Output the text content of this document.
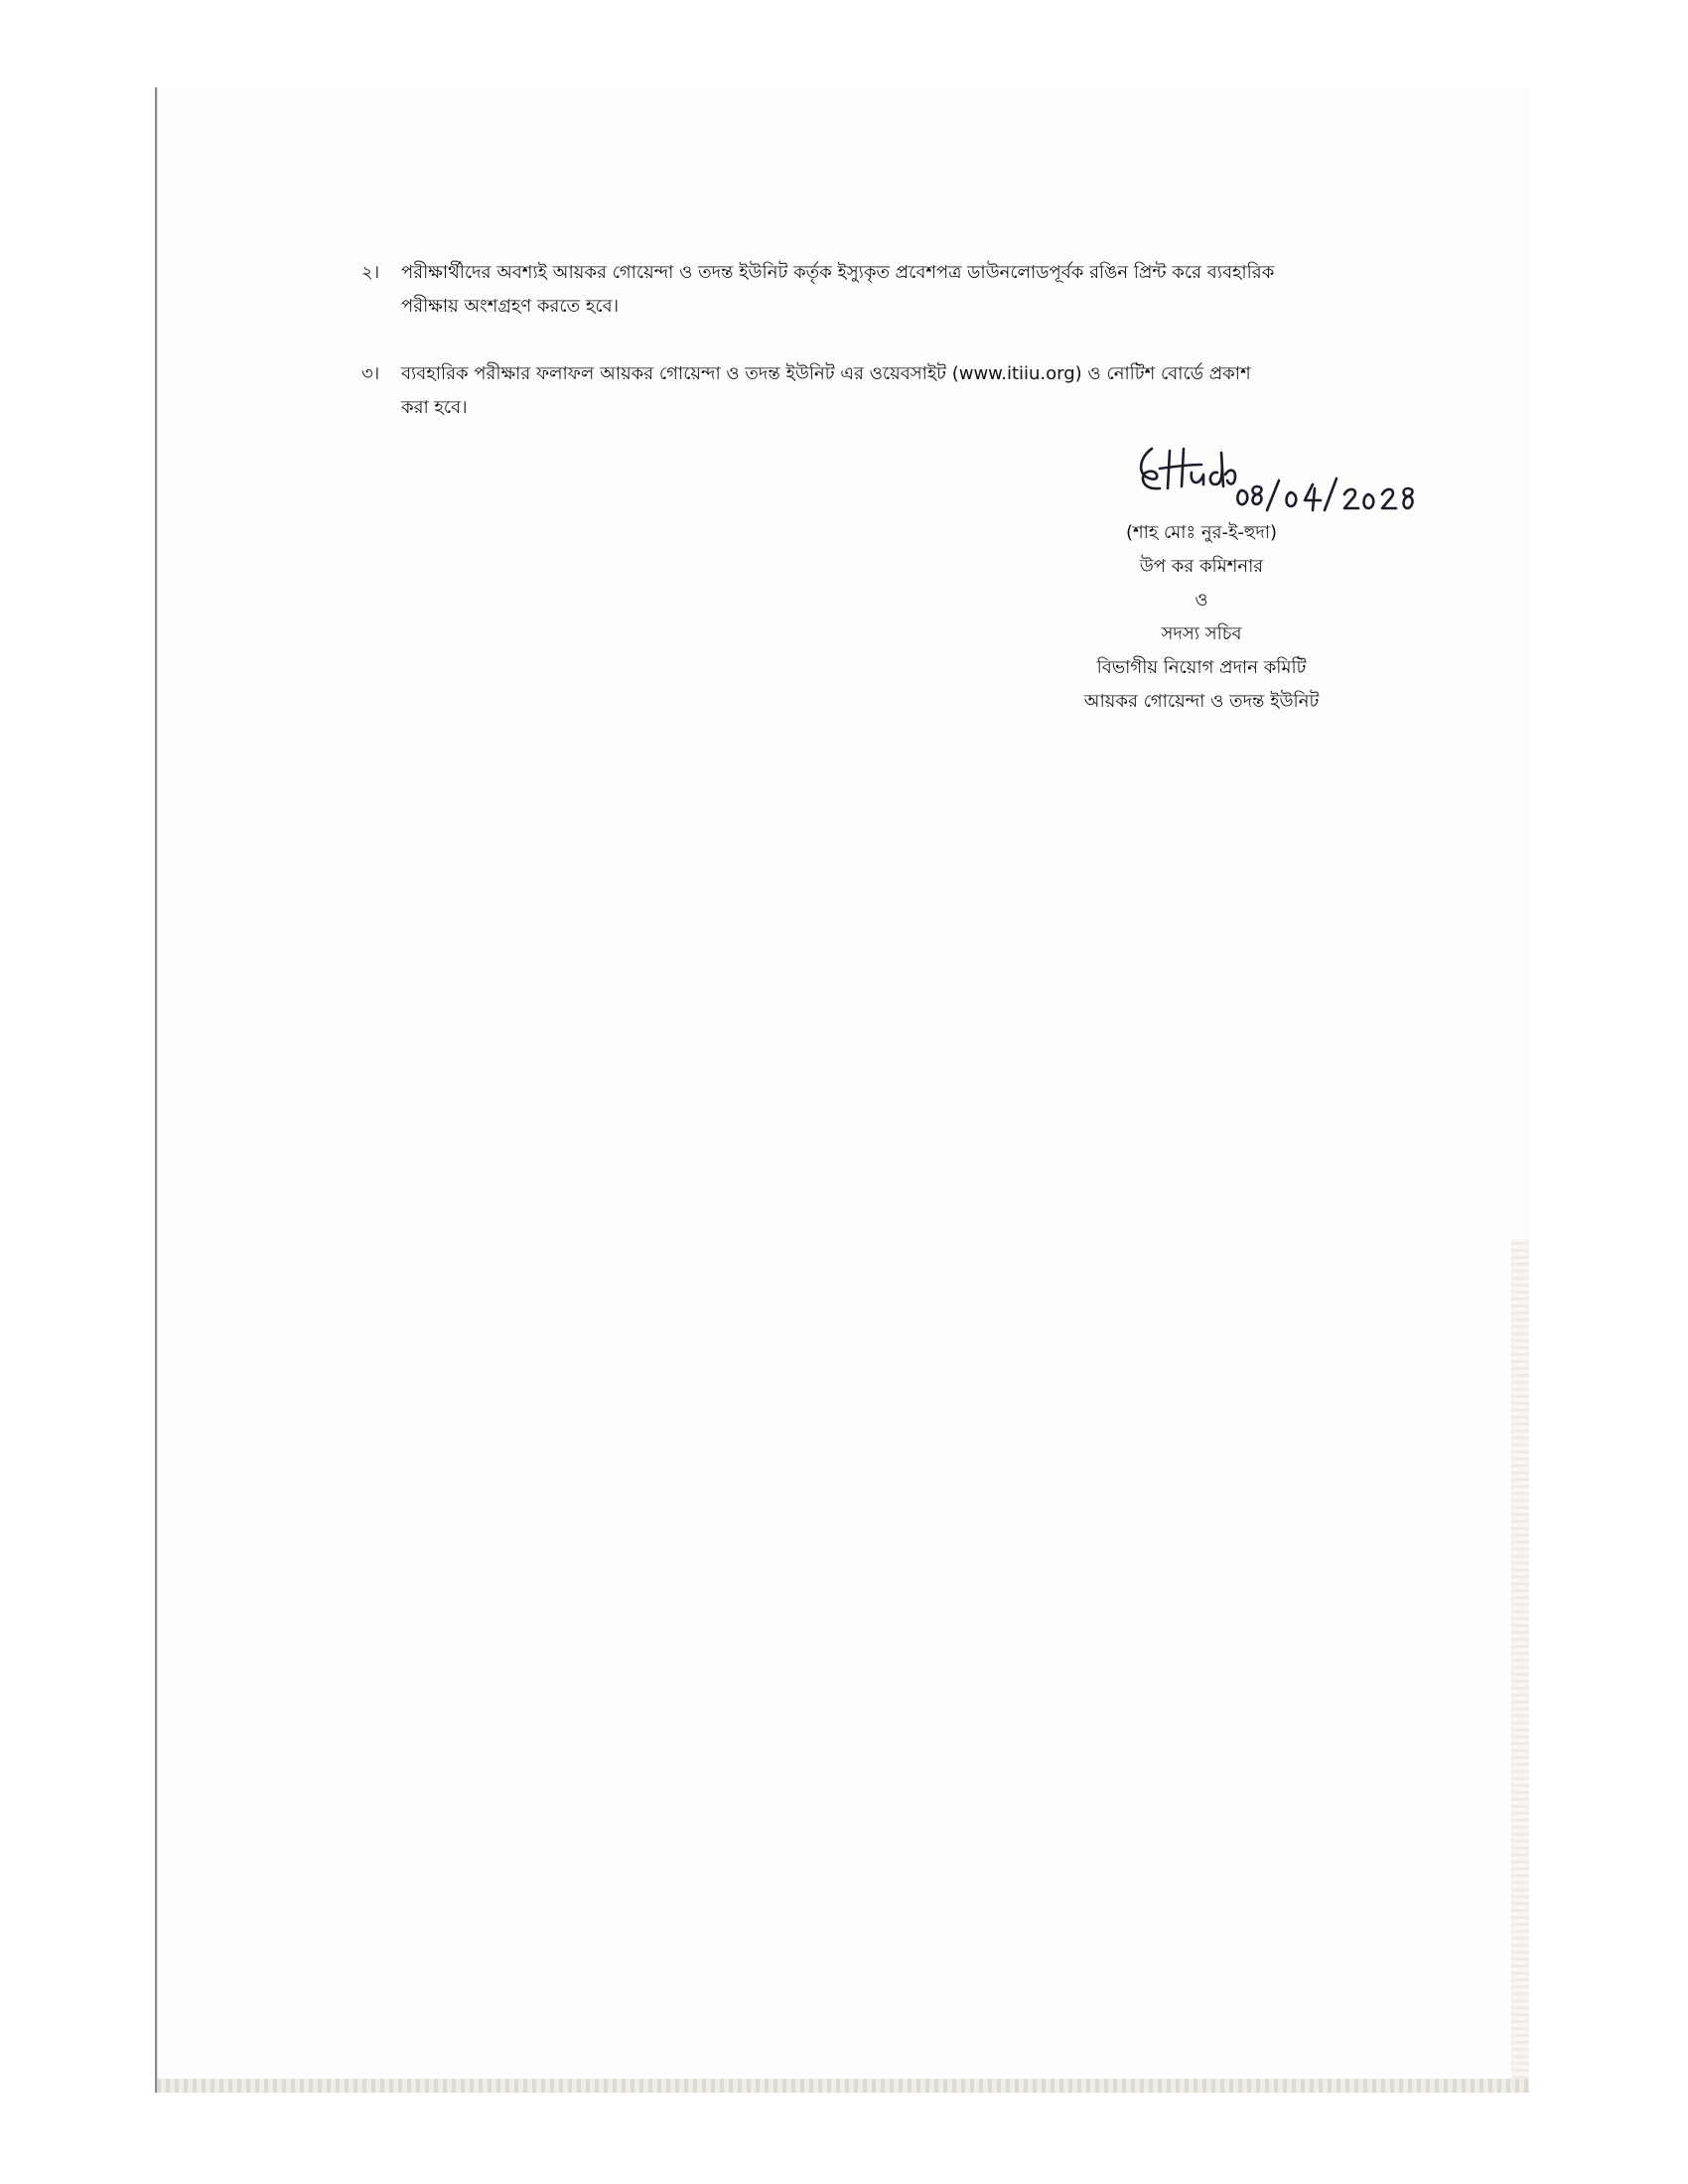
২।	পরীক্ষার্থীদের অবশ্যই আয়কর গোয়েন্দা ও তদন্ত ইউনিট কর্তৃক ইস্যুকৃত প্রবেশপত্র ডাউনলোডপূর্বক রঙিন প্রিন্ট করে ব্যবহারিক
পরীক্ষায় অংশগ্রহণ করতে হবে।
৩।	ব্যবহারিক পরীক্ষার ফলাফল আয়কর গোয়েন্দা ও তদন্ত ইউনিট এর ওয়েবসাইট (www.itiiu.org) ও নোটিশ বোর্ডে প্রকাশ
করা হবে।
(শাহ মোঃ নুর-ই-হুদা)
উপ কর কমিশনার
ও
সদস্য সচিব
বিভাগীয় নিয়োগ প্রদান কমিটি
আয়কর গোয়েন্দা ও তদন্ত ইউনিট
